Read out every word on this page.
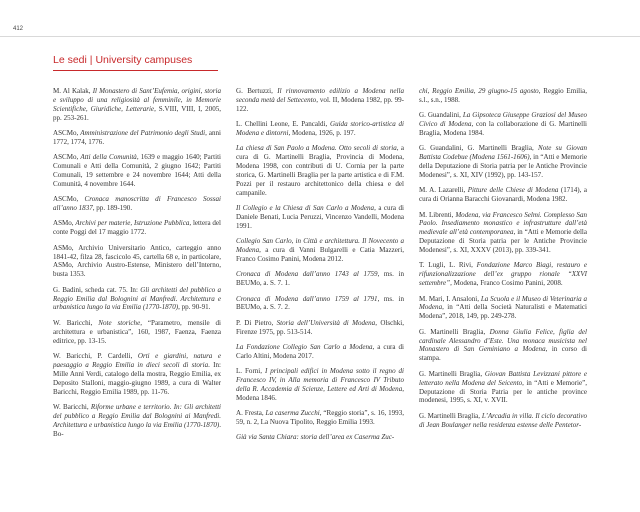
412
Le sedi | University campuses

M. Al Kalak, Il Monastero di Sant’Eufemia, origini, storia e sviluppo di una religiosità al femminile, in Memorie Scientifiche, Giuridiche, Letterarie, S.VIII, VIII, I, 2005, pp. 253-261.

ASCMo, Amministrazione del Patrimonio degli Studi, anni 1772, 1774, 1776.

ASCMo, Atti della Comunità, 1639 e maggio 1640; Partiti Comunali e Atti della Comunità, 2 giugno 1642; Partiti Comunali, 19 settembre e 24 novembre 1644; Atti della Comunità, 4 novembre 1644.

ASCMo, Cronaca manoscritta di Francesco Sossai all’anno 1837, pp. 189-190.

ASMo, Archivi per materie, Istruzione Pubblica, lettera del conte Poggi del 17 maggio 1772.

ASMo, Archivio Universitario Antico, carteggio anno 1841-42, filza 28, fascicolo 45, cartella 68 e, in particolare, ASMo, Archivio Austro-Estense, Ministero dell’Interno, busta 1353.

G. Badini, scheda cat. 75. In: Gli architetti del pubblico a Reggio Emilia dal Bolognini ai Manfredi. Architettura e urbanistica lungo la via Emilia (1770-1870), pp. 90-91.

W. Baricchi, Note storiche, “Parametro, mensile di architettura e urbanistica”, 160, 1987, Faenza, Faenza editrice, pp. 13-15.

W. Baricchi, P. Cardelli, Orti e giardini, natura e paesaggio a Reggio Emilia in dieci secoli di storia. In: Mille Anni Verdi, catalogo della mostra, Reggio Emilia, ex Deposito Stalloni, maggio-giugno 1989, a cura di Walter Baricchi, Reggio Emilia 1989, pp. 11-76.

W. Baricchi, Riforme urbane e territorio. In: Gli architetti del pubblico a Reggio Emilia dal Bolognini ai Manfredi. Architettura e urbanistica lungo la via Emilia (1770-1870). Bo-

G. Bertuzzi, Il rinnovamento edilizio a Modena nella seconda metà del Settecento, vol. II, Modena 1982, pp. 99-122.

L. Chellini Leone, E. Pancaldi, Guida storico-artistica di Modena e dintorni, Modena, 1926, p. 197.

La chiesa di San Paolo a Modena. Otto secoli di storia, a cura di G. Martinelli Braglia, Provincia di Modena, Modena 1998, con contributi di U. Cornia per la parte storica, G. Martinelli Braglia per la parte artistica e di F.M. Pozzi per il restauro architettonico della chiesa e del campanile.

Il Collegio e la Chiesa di San Carlo a Modena, a cura di Daniele Benati, Lucia Peruzzi, Vincenzo Vandelli, Modena 1991.

Collegio San Carlo, in Città e architettura. Il Novecento a Modena, a cura di Vanni Bulgarelli e Catia Mazzeri, Franco Cosimo Panini, Modena 2012.

Cronaca di Modena dall’anno 1743 al 1759, ms. in BEUMo, a. S. 7. 1.

Cronaca di Modena dall’anno 1759 al 1791, ms. in BEUMo, a. S. 7. 2.

P. Di Pietro, Storia dell’Università di Modena, Olschki, Firenze 1975, pp. 513-514.

La Fondazione Collegio San Carlo a Modena, a cura di Carlo Altini, Modena 2017.

L. Forni, I principali edifici in Modena sotto il regno di Francesco IV, in Alla memoria di Francesco IV Tributo della R. Accademia di Scienze, Lettere ed Arti di Modena, Modena 1846.

A. Fresta, La caserma Zucchi, “Reggio storia”, s. 16, 1993, 59, n. 2, La Nuova Tipolito, Reggio Emilia 1993.

Già via Santa Chiara: storia dell’area ex Caserma Zuc-

chi, Reggio Emilia, 29 giugno-15 agosto, Reggio Emilia, s.l., s.n., 1988.

G. Guandalini, La Gipsoteca Giuseppe Graziosi del Museo Civico di Modena, con la collaborazione di G. Martinelli Braglia, Modena 1984.

G. Guandalini, G. Martinelli Braglia, Note su Giovan Battista Codebue (Modena 1561-1606), in “Atti e Memorie della Deputazione di Storia patria per le Antiche Provincie Modenesi”, s. XI, XIV (1992), pp. 143-157.

M. A. Lazarelli, Pitture delle Chiese di Modena (1714), a cura di Orianna Baracchi Giovanardi, Modena 1982.

M. Librenti, Modena, via Francesco Selmi. Complesso San Paolo. Insediamento monastico e infrastrutture dall’età medievale all’età contemporanea, in “Atti e Memorie della Deputazione di Storia patria per le Antiche Provincie Modenesi”, s. XI, XXXV (2013), pp. 339-341.

T. Lugli, L. Rivi, Fondazione Marco Biagi, restauro e rifunzionalizzazione dell’ex gruppo rionale “XXVI settembre”, Modena, Franco Cosimo Panini, 2008.

M. Mari, I. Ansaloni, La Scuola e il Museo di Veterinaria a Modena, in “Atti della Società Naturalisti e Matematici Modena”, 2018, 149, pp. 249-278.

G. Martinelli Braglia, Donna Giulia Felice, figlia del cardinale Alessandro d’Este. Una monaca musicista nel Monastero di San Geminiano a Modena, in corso di stampa.

G. Martinelli Braglia, Giovan Battista Levizzani pittore e letterato nella Modena del Seicento, in “Atti e Memorie”, Deputazione di Storia Patria per le antiche province modenesi, 1995, s. XI, v. XVII.

G. Martinelli Braglia, L’Arcadia in villa. Il ciclo decorativo di Jean Boulanger nella residenza estense delle Pentetor-
